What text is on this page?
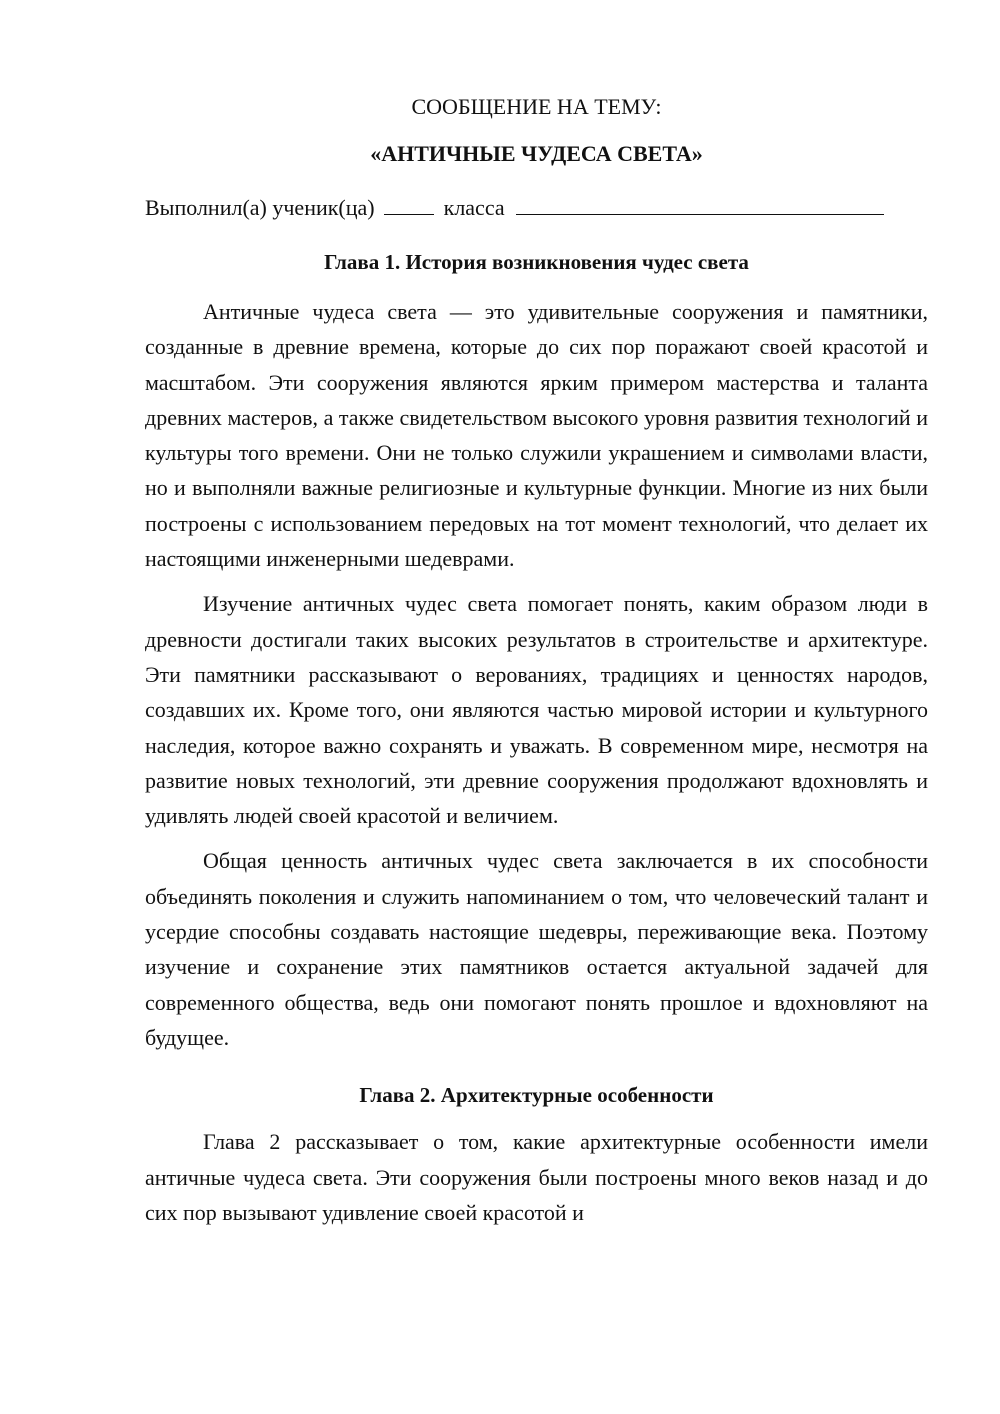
СООБЩЕНИЕ НА ТЕМУ:

«АНТИЧНЫЕ ЧУДЕСА СВЕТА»

Выполнил(а) ученик(ца)	класса
Глава 1. История возникновения чудес света

Античные чудеса света — это удивительные сооружения и памятники, созданные в древние времена, которые до сих пор поражают своей красотой и масштабом. Эти сооружения являются ярким примером мастерства и таланта древних мастеров, а также свидетельством высокого уровня развития технологий и культуры того времени. Они не только служили украшением и символами власти, но и выполняли важные религиозные и культурные функции. Многие из них были построены с использованием передовых на тот момент технологий, что делает их настоящими инженерными шедеврами.

Изучение античных чудес света помогает понять, каким образом люди в древности достигали таких высоких результатов в строительстве и архитектуре. Эти памятники рассказывают о верованиях, традициях и ценностях народов, создавших их. Кроме того, они являются частью мировой истории и культурного наследия, которое важно сохранять и уважать. В современном мире, несмотря на развитие новых технологий, эти древние сооружения продолжают вдохновлять и удивлять людей своей красотой и величием.

Общая ценность античных чудес света заключается в их способности объединять поколения и служить напоминанием о том, что человеческий талант и усердие способны создавать настоящие шедевры, переживающие века. Поэтому изучение и сохранение этих памятников остается актуальной задачей для современного общества, ведь они помогают понять прошлое и вдохновляют на будущее.

Глава 2. Архитектурные особенности

Глава 2 рассказывает о том, какие архитектурные особенности имели античные чудеса света. Эти сооружения были построены много веков назад и до сих пор вызывают удивление своей красотой и
